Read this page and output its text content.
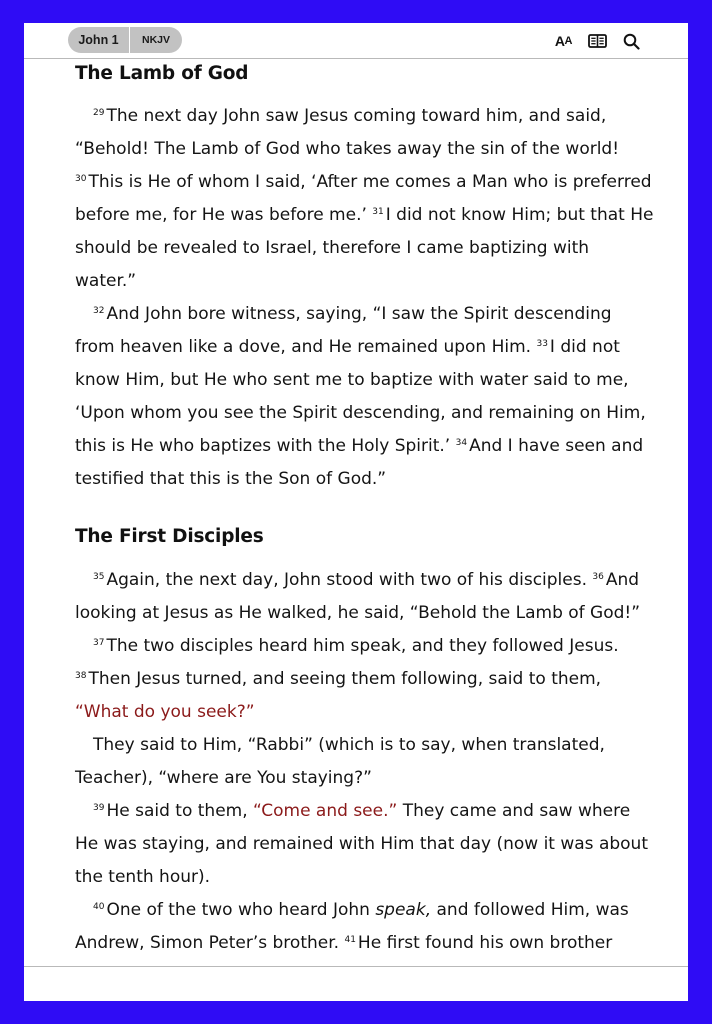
John 1	NKJV	A A
The Lamb of God

$^{29}$ The next day John saw Jesus coming toward him, and said, “Behold! The Lamb of God who takes away the sin of the world! $^{30}$ This is He of whom I said, ‘After me comes a Man who is preferred before me, for He was before me.’ $^{31}$ I did not know Him; but that He should be revealed to Israel, therefore I came baptizing with water.”

$^{32}$ And John bore witness, saying, “I saw the Spirit descending from heaven like a dove, and He remained upon Him. $^{33}$ I did not know Him, but He who sent me to baptize with water said to me, ‘Upon whom you see the Spirit descending, and remaining on Him, this is He who baptizes with the Holy Spirit.’ $^{34}$ And I have seen and testified that this is the Son of God.”

The First Disciples

$^{35}$ Again, the next day, John stood with two of his disciples. $^{36}$ And looking at Jesus as He walked, he said, “Behold the Lamb of God!”

$^{37}$ The two disciples heard him speak, and they followed Jesus. $^{38}$ Then Jesus turned, and seeing them following, said to them, “What do you seek?”

They said to Him, “Rabbi” (which is to say, when translated, Teacher), “where are You staying?”

$^{39}$ He said to them, “Come and see.” They came and saw where He was staying, and remained with Him that day (now it was about the tenth hour).

$^{40}$ One of the two who heard John speak, and followed Him, was Andrew, Simon Peter’s brother. $^{41}$ He first found his own brother
